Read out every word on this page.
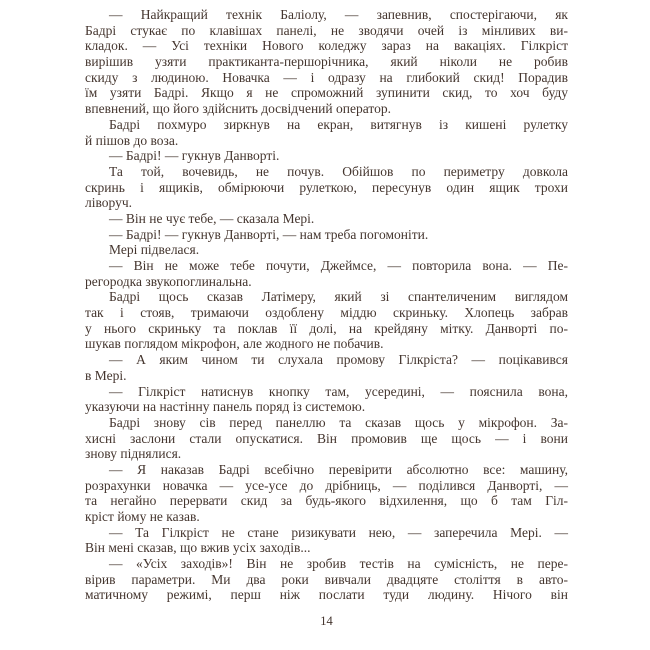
— Найкращий технік Баліолу, — запевнив, спостерігаючи, як
Бадрі стукає по клавішах панелі, не зводячи очей із мінливих ви-
кладок. — Усі техніки Нового коледжу зараз на вакаціях. Гілкріст
вирішив узяти практиканта-першорічника, який ніколи не робив
скиду з людиною. Новачка — і одразу на глибокий скид! Порадив
їм узяти Бадрі. Якщо я не спроможний зупинити скид, то хоч буду
впевнений, що його здійснить досвідчений оператор.
Бадрі похмуро зиркнув на екран, витягнув із кишені рулетку
й пішов до воза.
— Бадрі! — гукнув Данворті.
Та той, вочевидь, не почув. Обійшов по периметру довкола
скринь і ящиків, обмірюючи рулеткою, пересунув один ящик трохи
ліворуч.
— Він не чує тебе, — сказала Мері.
— Бадрі! — гукнув Данворті, — нам треба погомоніти.
Мері підвелася.
— Він не може тебе почути, Джеймсе, — повторила вона. — Пе-
регородка звукопоглинальна.
Бадрі щось сказав Латімеру, який зі спантеличеним виглядом
так і стояв, тримаючи оздоблену міддю скриньку. Хлопець забрав
у нього скриньку та поклав її долі, на крейдяну мітку. Данворті по-
шукав поглядом мікрофон, але жодного не побачив.
— А яким чином ти слухала промову Гілкріста? — поцікавився
в Мері.
— Гілкріст натиснув кнопку там, усередині, — пояснила вона,
указуючи на настінну панель поряд із системою.
Бадрі знову сів перед панеллю та сказав щось у мікрофон. За-
хисні заслони стали опускатися. Він промовив ще щось — і вони
знову піднялися.
— Я наказав Бадрі всебічно перевірити абсолютно все: машину,
розрахунки новачка — усе-усе до дрібниць, — поділився Данворті, —
та негайно перервати скид за будь-якого відхилення, що б там Гіл-
кріст йому не казав.
— Та Гілкріст не стане ризикувати нею, — заперечила Мері. —
Він мені сказав, що вжив усіх заходів...
— «Усіх заходів»! Він не зробив тестів на сумісність, не пере-
вірив параметри. Ми два роки вивчали двадцяте століття в авто-
матичному режимі, перш ніж послати туди людину. Нічого він
14
